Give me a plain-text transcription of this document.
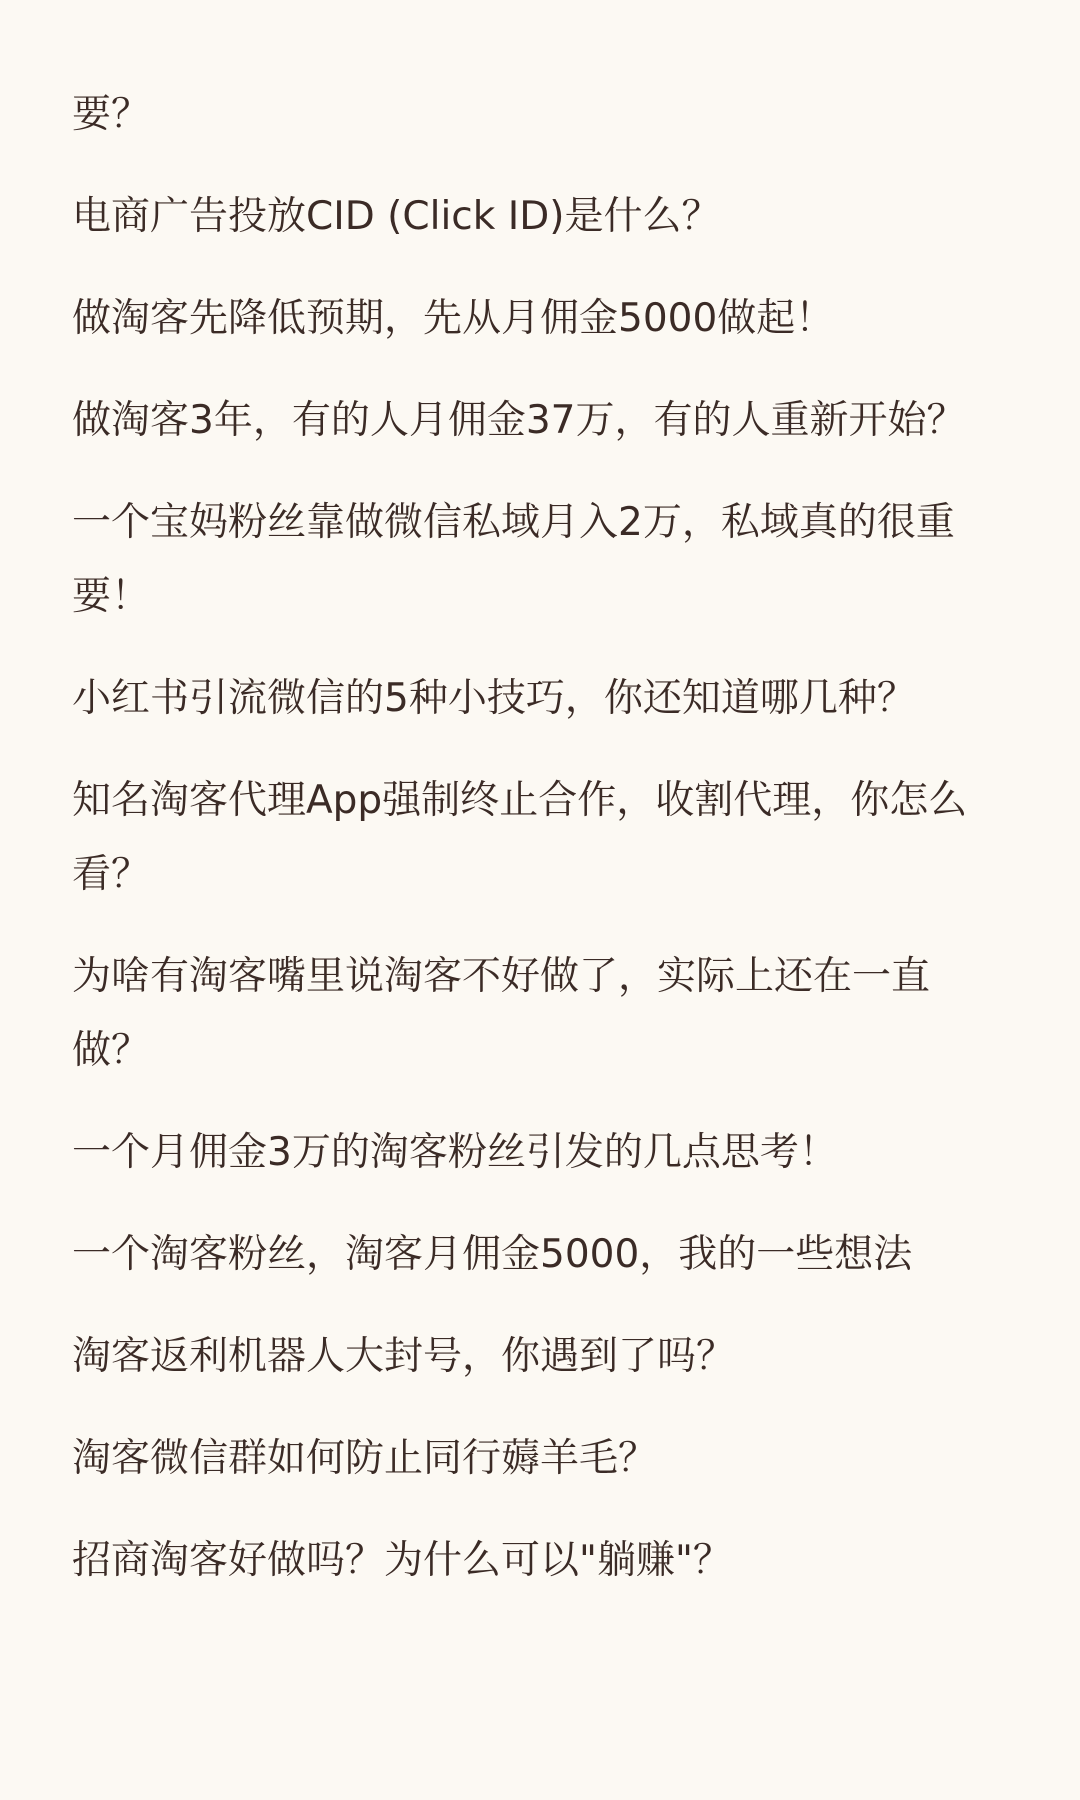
要？
电商广告投放CID (Click ID)是什么？
做淘客先降低预期，先从月佣金5000做起！
做淘客3年，有的人月佣金37万，有的人重新开始？
一个宝妈粉丝靠做微信私域月入2万，私域真的很重要！
小红书引流微信的5种小技巧，你还知道哪几种？
知名淘客代理App强制终止合作，收割代理，你怎么看？
为啥有淘客嘴里说淘客不好做了，实际上还在一直做？
一个月佣金3万的淘客粉丝引发的几点思考！
一个淘客粉丝，淘客月佣金5000，我的一些想法
淘客返利机器人大封号，你遇到了吗？
淘客微信群如何防止同行薅羊毛？
招商淘客好做吗？为什么可以"躺赚"？
